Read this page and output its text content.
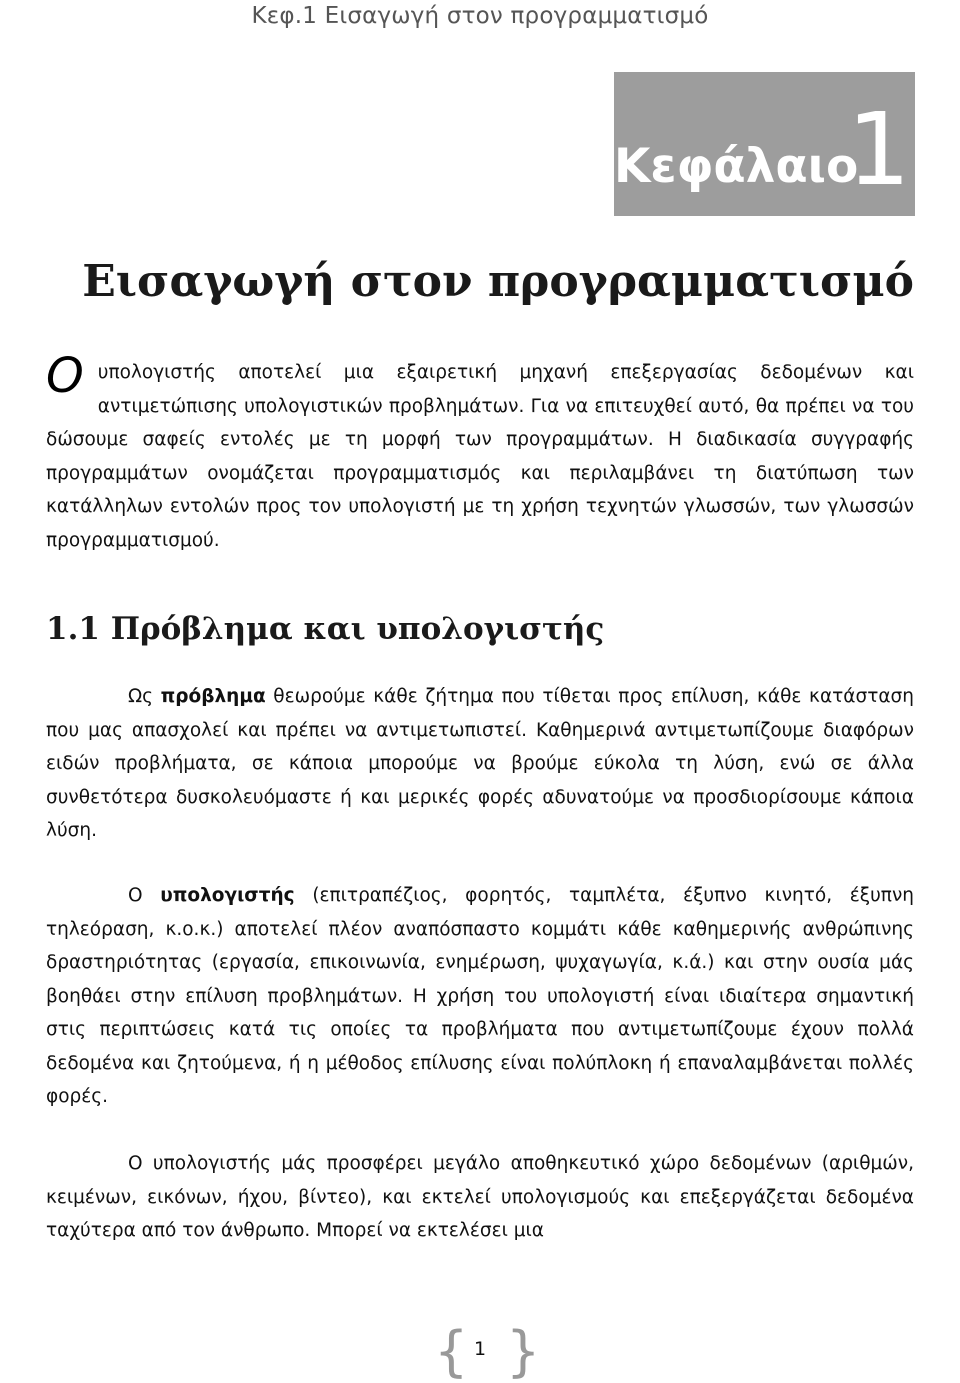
Κεφ.1 Εισαγωγή στον προγραμματισμό
Κεφάλαιο
1
Εισαγωγή στον προγραμματισμό
Ο υπολογιστής αποτελεί μια εξαιρετική μηχανή επεξεργασίας δεδομένων και αντιμετώπισης υπολογιστικών προβλημάτων. Για να επιτευχθεί αυτό, θα πρέπει να του δώσουμε σαφείς εντολές με τη μορφή των προγραμμάτων. Η διαδικασία συγγραφής προγραμμάτων ονομάζεται προγραμματισμός και περιλαμβάνει τη διατύπωση των κατάλληλων εντολών προς τον υπολογιστή με τη χρήση τεχνητών γλωσσών, των γλωσσών προγραμματισμού.
1.1 Πρόβλημα και υπολογιστής
Ως πρόβλημα θεωρούμε κάθε ζήτημα που τίθεται προς επίλυση, κάθε κατάσταση που μας απασχολεί και πρέπει να αντιμετωπιστεί. Καθημερινά αντιμετωπίζουμε διαφόρων ειδών προβλήματα, σε κάποια μπορούμε να βρούμε εύκολα τη λύση, ενώ σε άλλα συνθετότερα δυσκολευόμαστε ή και μερικές φορές αδυνατούμε να προσδιορίσουμε κάποια λύση.
Ο υπολογιστής (επιτραπέζιος, φορητός, ταμπλέτα, έξυπνο κινητό, έξυπνη τηλεόραση, κ.ο.κ.) αποτελεί πλέον αναπόσπαστο κομμάτι κάθε καθημερινής ανθρώπινης δραστηριότητας (εργασία, επικοινωνία, ενημέρωση, ψυχαγωγία, κ.ά.) και στην ουσία μάς βοηθάει στην επίλυση προβλημάτων. Η χρήση του υπολογιστή είναι ιδιαίτερα σημαντική στις περιπτώσεις κατά τις οποίες τα προβλήματα που αντιμετωπίζουμε έχουν πολλά δεδομένα και ζητούμενα, ή η μέθοδος επίλυσης είναι πολύπλοκη ή επαναλαμβάνεται πολλές φορές.
Ο υπολογιστής μάς προσφέρει μεγάλο αποθηκευτικό χώρο δεδομένων (αριθμών, κειμένων, εικόνων, ήχου, βίντεο), και εκτελεί υπολογισμούς και επεξεργάζεται δεδομένα ταχύτερα από τον άνθρωπο. Μπορεί να εκτελέσει μια
{ 1 }
